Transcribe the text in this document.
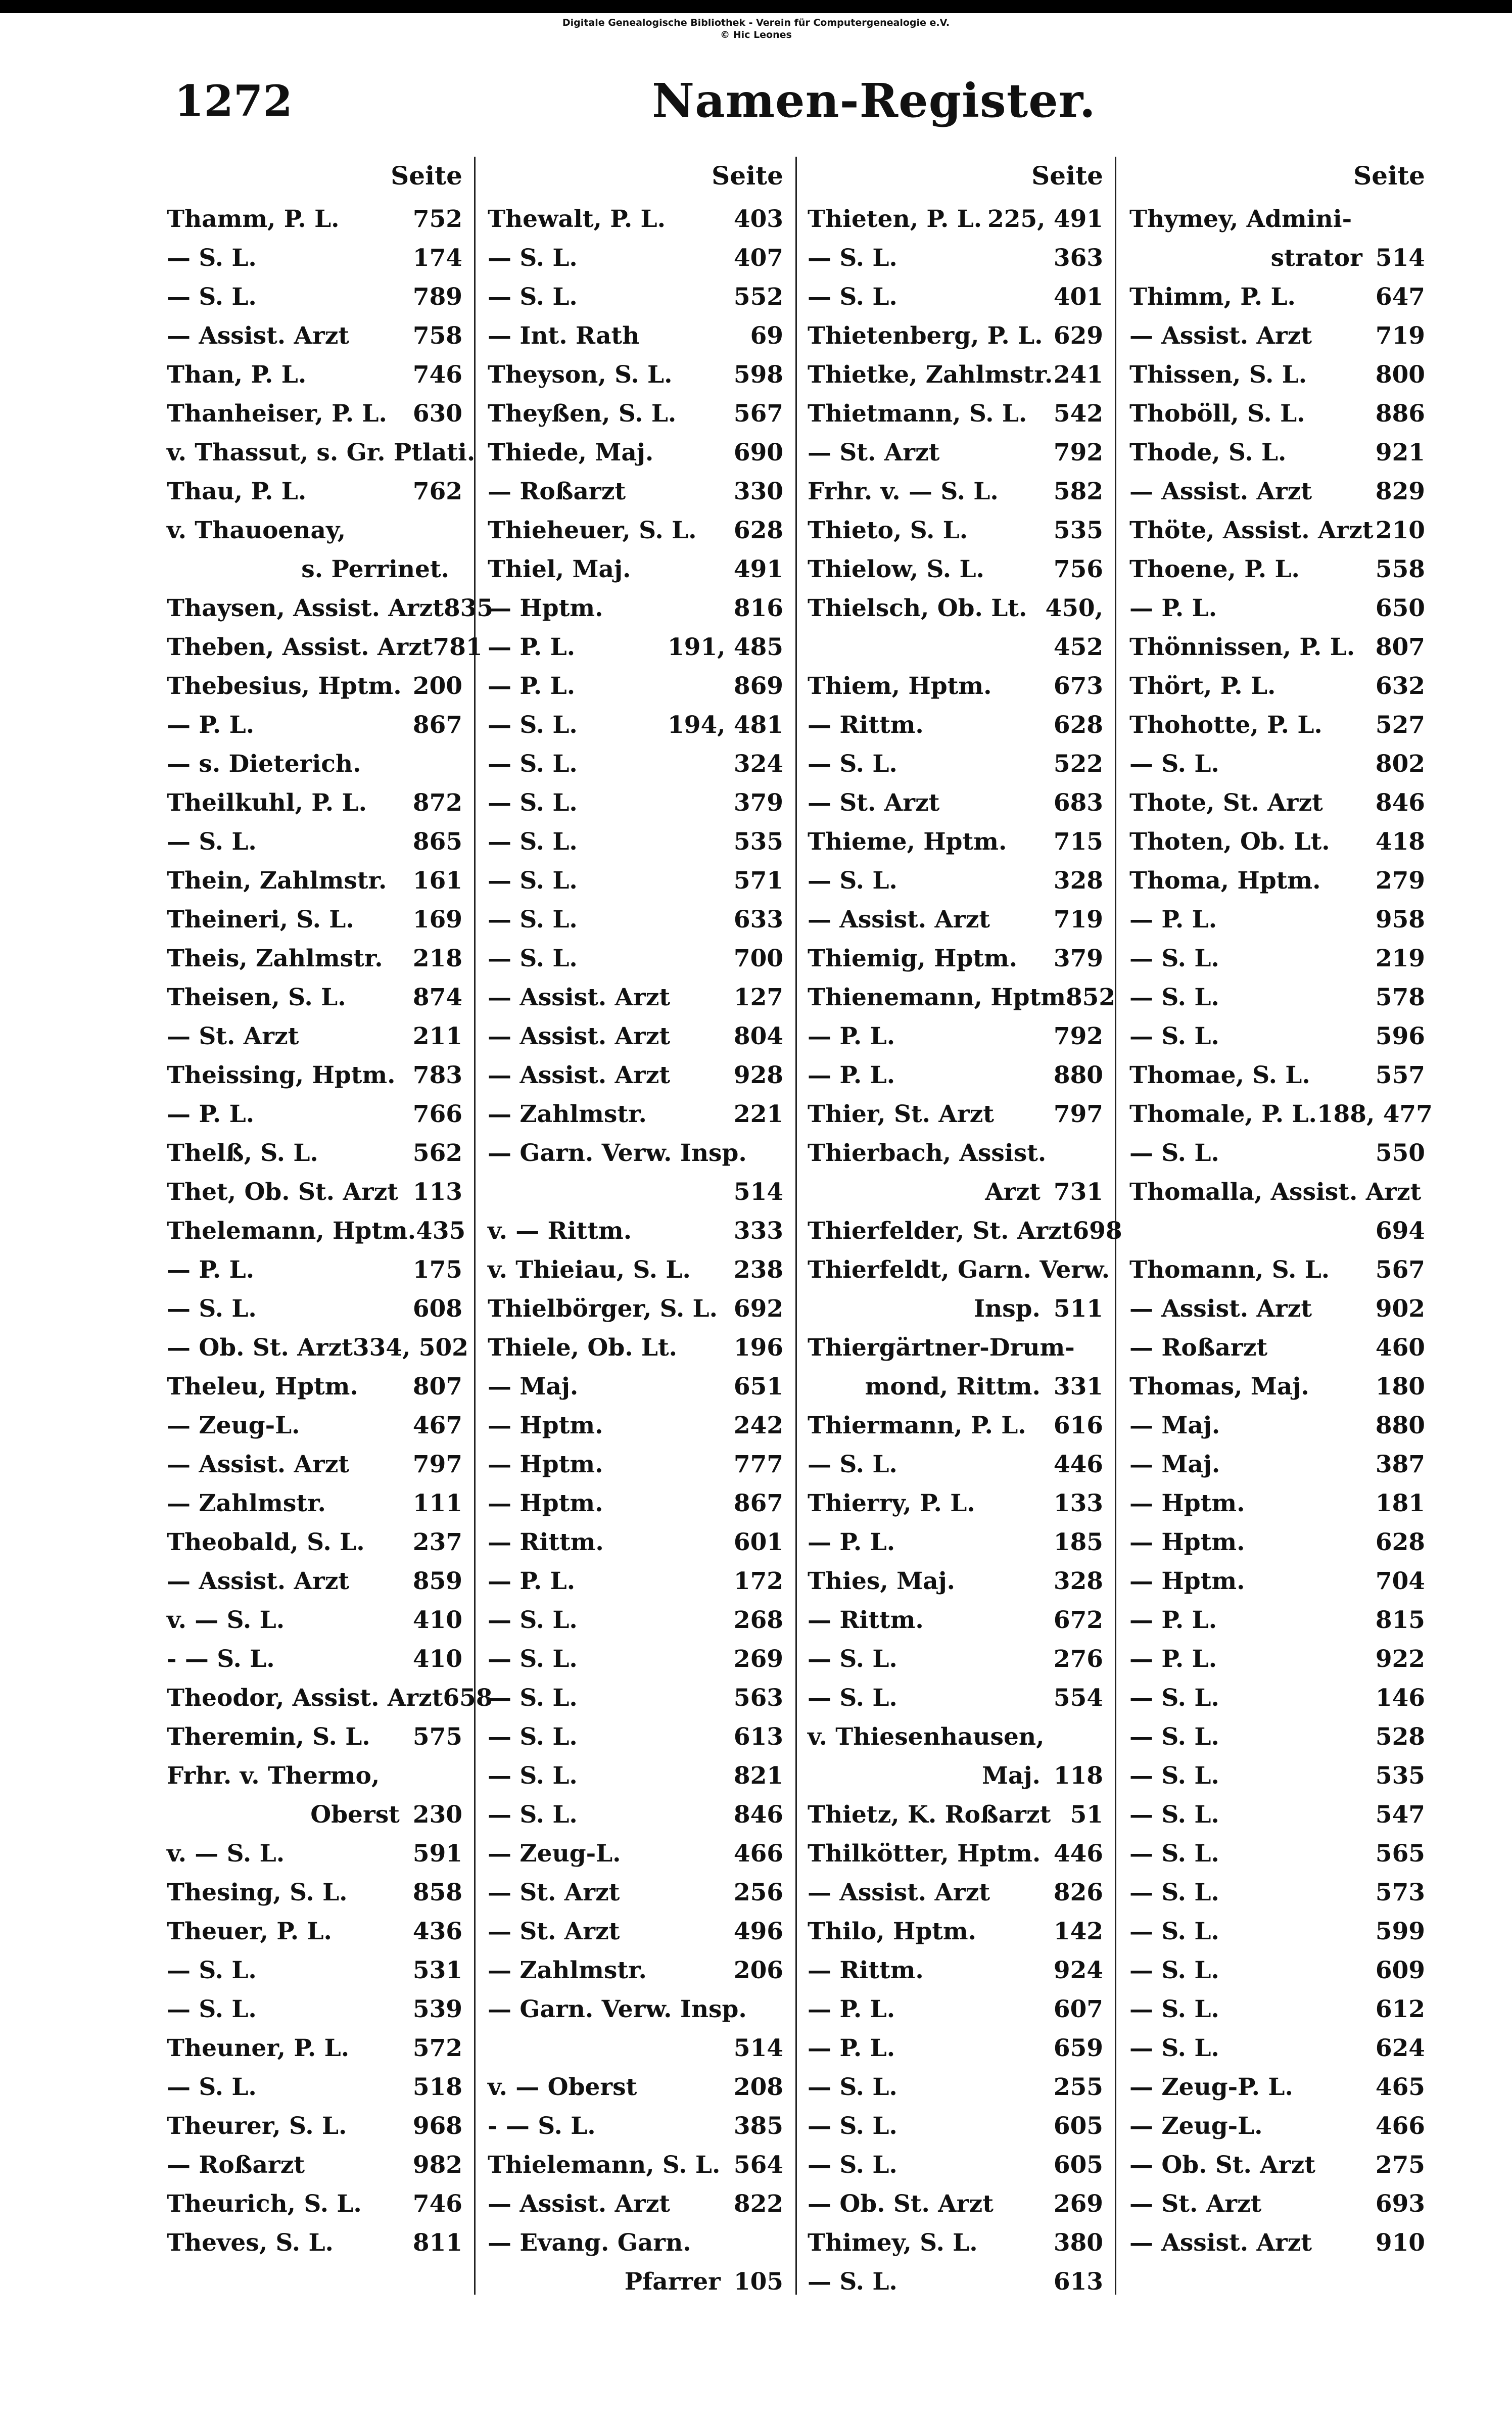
Digitale Genealogische Bibliothek - Verein für Computergenealogie e.V.
© Hic Leones
1272	Namen-Register.
Seite
Thamm, P. L.	752
— S. L.	174
— S. L.	789
— Assist. Arzt	758
Than, P. L.	746
Thanheiser, P. L. 630
v. Thassut, s. Gr. Ptlati.
Thau, P. L.	762
v. Thauoenay,
s. Perrinet.
Thaysen, Assist. Arzt 835
Theben, Assist. Arzt 781
Thebesius, Hptm. 200
— P. L.	867
— s. Dieterich.
Theilkuhl, P. L. 872
— S. L.	865
Thein, Zahlmstr. 161
Theineri, S. L. 169
Theis, Zahlmstr. 218
Theisen, S. L.	874
— St. Arzt	211
Theissing, Hptm. 783
— P. L.	766
Thelß, S. L.	562
Thet, Ob. St. Arzt 113
Thelemann, Hptm. 435
— P. L.	175
— S. L.	608
— Ob. St. Arzt 334, 502
Theleu, Hptm. 807
— Zeug-L.	467
— Assist. Arzt	797
— Zahlmstr.	111
Theobald, S. L. 237
— Assist. Arzt	859
v. — S. L.	410
- — S. L.	410
Theodor, Assist. Arzt 658
Theremin, S. L. 575
Frhr. v. Thermo,
Oberst 230
v. — S. L.	591
Thesing, S. L.	858
Theuer, P. L.	436
— S. L.	531
— S. L.	539
Theuner, P. L.	572
— S. L.	518
Theurer, S. L.	968
— Roßarzt	982
Theurich, S. L. 746
Theves, S. L.	811
Seite
Thewalt, P. L.	403
— S. L.	407
— S. L.	552
— Int. Rath	69
Theyson, S. L.	598
Theyßen, S. L. 567
Thiede, Maj.	690
— Roßarzt	330
Thieheuer, S. L. 628
Thiel, Maj.	491
— Hptm.	816
— P. L.	191, 485
— P. L.	869
— S. L.	194, 481
— S. L.	324
— S. L.	379
— S. L.	535
— S. L.	571
— S. L.	633
— S. L.	700
— Assist. Arzt	127
— Assist. Arzt	804
— Assist. Arzt	928
— Zahlmstr.	221
— Garn. Verw. Insp.
514
v. — Rittm.	333
v. Thieiau, S. L. 238
Thielbörger, S. L. 692
Thiele, Ob. Lt. 196
— Maj.	651
— Hptm.	242
— Hptm.	777
— Hptm.	867
— Rittm.	601
— P. L.	172
— S. L.	268
— S. L.	269
— S. L.	563
— S. L.	613
— S. L.	821
— S. L.	846
— Zeug-L.	466
— St. Arzt	256
— St. Arzt	496
— Zahlmstr.	206
— Garn. Verw. Insp.
514
v. — Oberst	208
- — S. L.	385
Thielemann, S. L. 564
— Assist. Arzt	822
— Evang. Garn.
Pfarrer 105
Seite
Thieten, P. L. 225, 491
— S. L.	363
— S. L.	401
Thietenberg, P. L. 629
Thietke, Zahlmstr. 241
Thietmann, S. L. 542
— St. Arzt	792
Frhr. v. — S. L. 582
Thieto, S. L.	535
Thielow, S. L.	756
Thielsch, Ob. Lt. 450,
452
Thiem, Hptm.	673
— Rittm.	628
— S. L.	522
— St. Arzt	683
Thieme, Hptm. 715
— S. L.	328
— Assist. Arzt	719
Thiemig, Hptm. 379
Thienemann, Hptm 852
— P. L.	792
— P. L.	880
Thier, St. Arzt	797
Thierbach, Assist.
Arzt 731
Thierfelder, St. Arzt 698
Thierfeldt, Garn. Verw.
Insp. 511
Thiergärtner-Drum-
mond, Rittm. 331
Thiermann, P. L. 616
— S. L.	446
Thierry, P. L.	133
— P. L.	185
Thies, Maj.	328
— Rittm.	672
— S. L.	276
— S. L.	554
v. Thiesenhausen,
Maj. 118
Thietz, K. Roßarzt 51
Thilkötter, Hptm. 446
— Assist. Arzt	826
Thilo, Hptm.	142
— Rittm.	924
— P. L.	607
— P. L.	659
— S. L.	255
— S. L.	605
— S. L.	605
— Ob. St. Arzt	269
Thimey, S. L.	380
— S. L.	613
Seite
Thymey, Admini-
strator 514
Thimm, P. L.	647
— Assist. Arzt	719
Thissen, S. L.	800
Thoböll, S. L.	886
Thode, S. L.	921
— Assist. Arzt	829
Thöte, Assist. Arzt 210
Thoene, P. L.	558
— P. L.	650
Thönnissen, P. L. 807
Thört, P. L.	632
Thohotte, P. L. 527
— S. L.	802
Thote, St. Arzt 846
Thoten, Ob. Lt. 418
Thoma, Hptm. 279
— P. L.	958
— S. L.	219
— S. L.	578
— S. L.	596
Thomae, S. L.	557
Thomale, P. L. 188, 477
— S. L.	550
Thomalla, Assist. Arzt
694
Thomann, S. L. 567
— Assist. Arzt	902
— Roßarzt	460
Thomas, Maj.	180
— Maj.	880
— Maj.	387
— Hptm.	181
— Hptm.	628
— Hptm.	704
— P. L.	815
— P. L.	922
— S. L.	146
— S. L.	528
— S. L.	535
— S. L.	547
— S. L.	565
— S. L.	573
— S. L.	599
— S. L.	609
— S. L.	612
— S. L.	624
— Zeug-P. L.	465
— Zeug-L.	466
— Ob. St. Arzt	275
— St. Arzt	693
— Assist. Arzt	910
